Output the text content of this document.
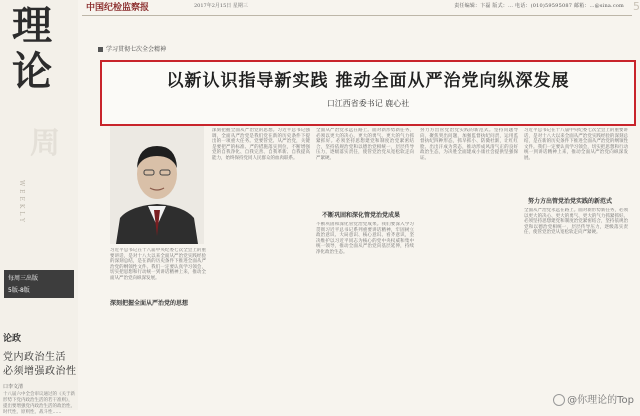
理
论
周
WEEKLY
每周三出版
5版-8版
论政
党内政治生活
必须增强政治性
口李文清
十八届六中全会审议通过的《关于新形势下党内政治生活的若干准则》，提出要增强党内政治生活的政治性、时代性、原则性、战斗性……
中国纪检监察报	2017年2月15日 星期三	责任编辑：卞磊 版式：… 电话：(010)59595087 邮箱：…@sina.com 5
学习贯彻七次全会精神
以新认识指导新实践 推动全面从严治党向纵深发展
口江西省委书记 鹿心社
习近平总书记在十八届中央纪委七次全会上的重要讲话，是对十八大以来全面从严治党实践经验的深刻总结，是在新的历史条件下推进全面从严治党的纲领性文件。我们一定要认真学习领会，切实把思想和行动统一到讲话精神上来，推动全面从严治党向纵深发展。
深刻把握全面从严治党的思想
深刻把握全面从严治党的思想。习近平总书记强调，全面从严治党是我们党在新的历史条件下提出的一项重大任务。党要管党、从严治党，关键是要把严的标准、严的措施落实到位，不断增强党的自我净化、自我完善、自我革新、自我提高能力，始终保持党同人民群众的血肉联系。
全面从严治党永远在路上。面对新形势新任务，必须以更大的决心、更大的勇气、更大的气力抓紧抓好。必须坚持思想建党和制度治党紧密结合，坚持依规治党和以德治党相统一，层层传导压力，逐级落实责任，使管党治党从宽松软走向严紧硬。
不断巩固和深化管党治党成果
不断巩固和深化管党治党成果。我们要深入学习贯彻习近平总书记系列重要讲话精神，牢固树立政治意识、大局意识、核心意识、看齐意识，坚决维护以习近平同志为核心的党中央权威和集中统一领导，推动全面从严治党向基层延伸，持续净化政治生态。
努力方出管党治党实践的新范式。坚持问题导向，聚焦突出问题，加强监督执纪问责，运用监督执纪四种形态，抓早抓小、防微杜渐，让红红脸、出出汗成为常态，推动形成风清气正的良好政治生态，为决胜全面建成小康社会提供坚强保证。
努力方出管党治党实践的新范式
习近平总书记在十八届中央纪委七次全会上的重要讲话，是对十八大以来全面从严治党实践经验的深刻总结，是在新的历史条件下推进全面从严治党的纲领性文件。我们一定要认真学习领会，切实把思想和行动统一到讲话精神上来，推动全面从严治党向纵深发展。
全面从严治党永远在路上。面对新形势新任务，必须以更大的决心、更大的勇气、更大的气力抓紧抓好。必须坚持思想建党和制度治党紧密结合，坚持依规治党和以德治党相统一，层层传导压力，逐级落实责任，使管党治党从宽松软走向严紧硬。
@你理论的Top
